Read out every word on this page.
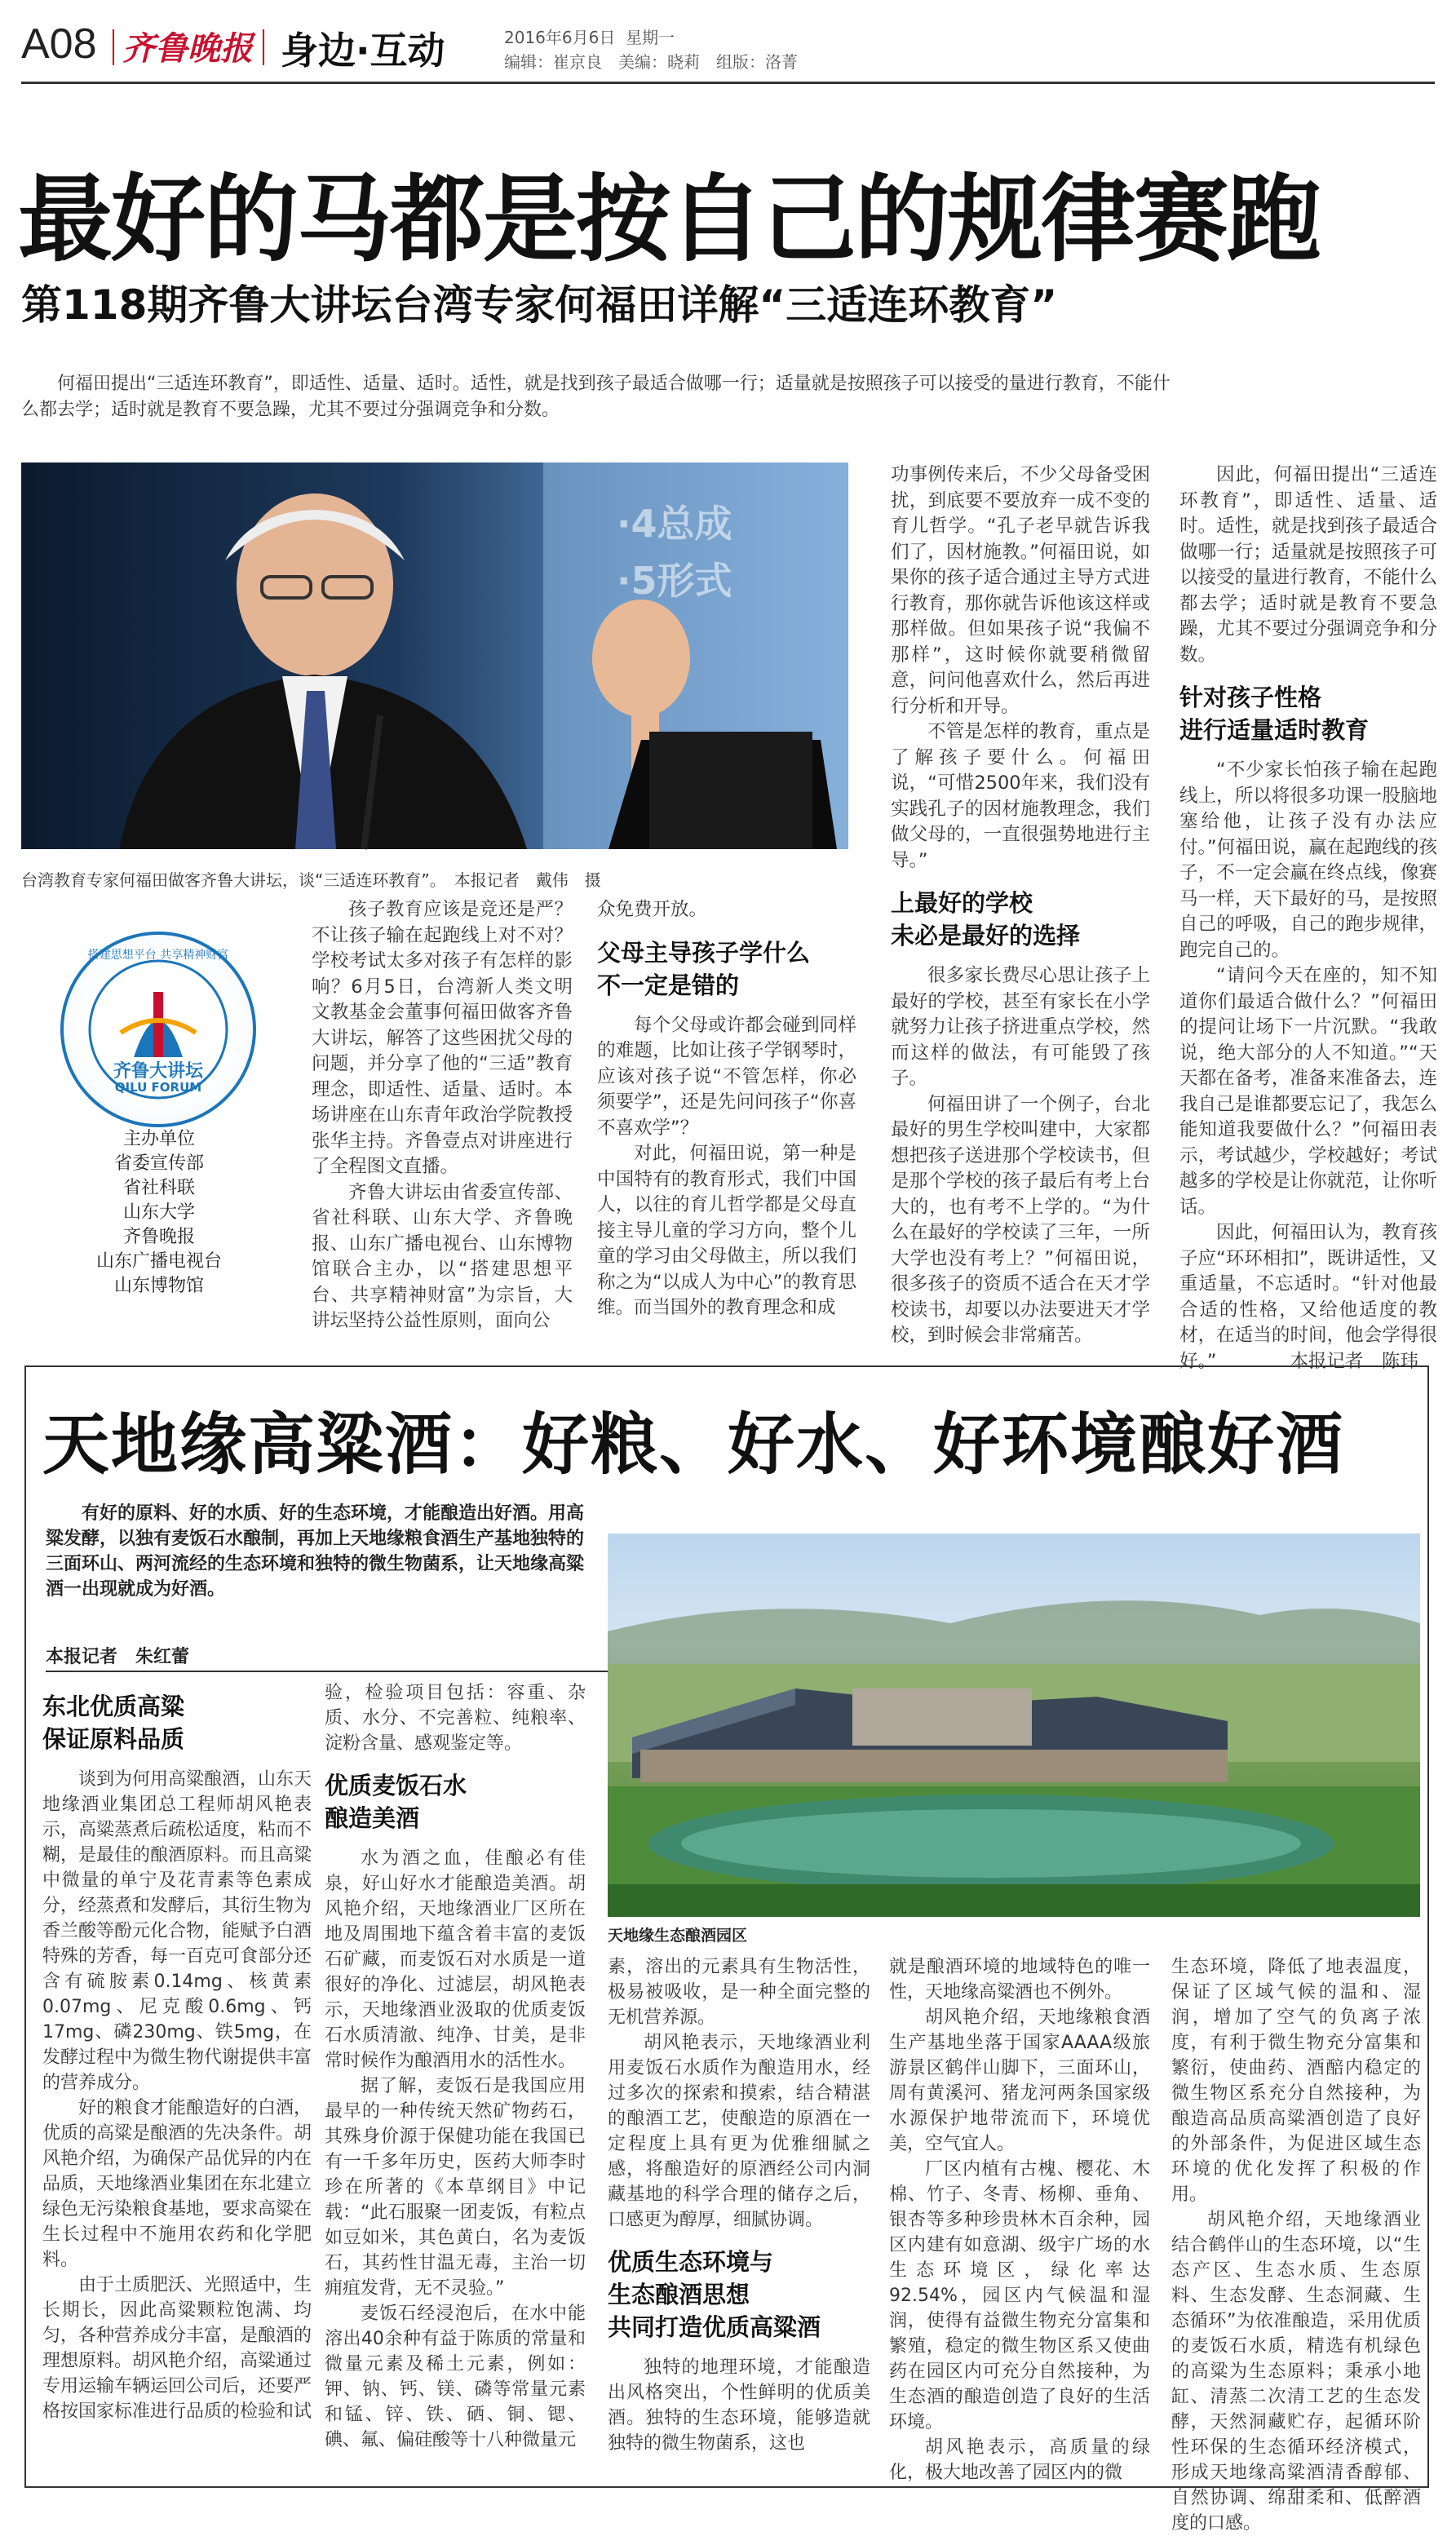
A08 齐鲁晚报 身边·互动	2016年6月6日 星期一
编辑：崔京良　美编：晓莉　组版：洛菁
最好的马都是按自己的规律赛跑
第118期齐鲁大讲坛台湾专家何福田详解“三适连环教育”
何福田提出“三适连环教育”，即适性、适量、适时。适性，就是找到孩子最适合做哪一行；适量就是按照孩子可以接受的量进行教育，不能什么都去学；适时就是教育不要急躁，尤其不要过分强调竞争和分数。
·4总成
·5形式
台湾教育专家何福田做客齐鲁大讲坛，谈“三适连环教育”。　本报记者　戴伟　摄
搭建思想平台 共享精神财富
齐鲁大讲坛
QILU FORUM
主办单位
省委宣传部
省社科联
山东大学
齐鲁晚报
山东广播电视台
山东博物馆

孩子教育应该是竞还是严？不让孩子输在起跑线上对不对？学校考试太多对孩子有怎样的影响？6月5日，台湾新人类文明文教基金会董事何福田做客齐鲁大讲坛，解答了这些困扰父母的问题，并分享了他的“三适”教育理念，即适性、适量、适时。本场讲座在山东青年政治学院教授张华主持。齐鲁壹点对讲座进行了全程图文直播。

齐鲁大讲坛由省委宣传部、省社科联、山东大学、齐鲁晚报、山东广播电视台、山东博物馆联合主办，以“搭建思想平台、共享精神财富”为宗旨，大讲坛坚持公益性原则，面向公

众免费开放。

父母主导孩子学什么
不一定是错的

每个父母或许都会碰到同样的难题，比如让孩子学钢琴时，应该对孩子说“不管怎样，你必须要学”，还是先问问孩子“你喜不喜欢学”？

对此，何福田说，第一种是中国特有的教育形式，我们中国人，以往的育儿哲学都是父母直接主导儿童的学习方向，整个儿童的学习由父母做主，所以我们称之为“以成人为中心”的教育思维。而当国外的教育理念和成

功事例传来后，不少父母备受困扰，到底要不要放弃一成不变的育儿哲学。“孔子老早就告诉我们了，因材施教。”何福田说，如果你的孩子适合通过主导方式进行教育，那你就告诉他该这样或那样做。但如果孩子说“我偏不那样”，这时候你就要稍微留意，问问他喜欢什么，然后再进行分析和开导。

不管是怎样的教育，重点是了解孩子要什么。何福田说，“可惜2500年来，我们没有实践孔子的因材施教理念，我们做父母的，一直很强势地进行主导。”

上最好的学校
未必是最好的选择

很多家长费尽心思让孩子上最好的学校，甚至有家长在小学就努力让孩子挤进重点学校，然而这样的做法，有可能毁了孩子。

何福田讲了一个例子，台北最好的男生学校叫建中，大家都想把孩子送进那个学校读书，但是那个学校的孩子最后有考上台大的，也有考不上学的。“为什么在最好的学校读了三年，一所大学也没有考上？”何福田说，很多孩子的资质不适合在天才学校读书，却要以办法要进天才学校，到时候会非常痛苦。

因此，何福田提出“三适连环教育”，即适性、适量、适时。适性，就是找到孩子最适合做哪一行；适量就是按照孩子可以接受的量进行教育，不能什么都去学；适时就是教育不要急躁，尤其不要过分强调竞争和分数。

针对孩子性格
进行适量适时教育

“不少家长怕孩子输在起跑线上，所以将很多功课一股脑地塞给他，让孩子没有办法应付。”何福田说，赢在起跑线的孩子，不一定会赢在终点线，像赛马一样，天下最好的马，是按照自己的呼吸，自己的跑步规律，跑完自己的。

“请问今天在座的，知不知道你们最适合做什么？”何福田的提问让场下一片沉默。“我敢说，绝大部分的人不知道。”“天天都在备考，准备来准备去，连我自己是谁都要忘记了，我怎么能知道我要做什么？”何福田表示，考试越少，学校越好；考试越多的学校是让你就范，让你听话。

因此，何福田认为，教育孩子应“环环相扣”，既讲适性，又重适量，不忘适时。“针对他最合适的性格，又给他适度的教材，在适当的时间，他会学得很好。”　　　　本报记者　陈玮

天地缘高粱酒：好粮、好水、好环境酿好酒
有好的原料、好的水质、好的生态环境，才能酿造出好酒。用高粱发酵，以独有麦饭石水酿制，再加上天地缘粮食酒生产基地独特的三面环山、两河流经的生态环境和独特的微生物菌系，让天地缘高粱酒一出现就成为好酒。
本报记者　朱红蕾
天地缘生态酿酒园区
东北优质高粱
保证原料品质

谈到为何用高粱酿酒，山东天地缘酒业集团总工程师胡风艳表示，高粱蒸煮后疏松适度，粘而不糊，是最佳的酿酒原料。而且高粱中微量的单宁及花青素等色素成分，经蒸煮和发酵后，其衍生物为香兰酸等酚元化合物，能赋予白酒特殊的芳香，每一百克可食部分还含有硫胺素0.14mg、核黄素0.07mg、尼克酸0.6mg、钙17mg、磷230mg、铁5mg，在发酵过程中为微生物代谢提供丰富的营养成分。

好的粮食才能酿造好的白酒，优质的高粱是酿酒的先决条件。胡风艳介绍，为确保产品优异的内在品质，天地缘酒业集团在东北建立绿色无污染粮食基地，要求高粱在生长过程中不施用农药和化学肥料。

由于土质肥沃、光照适中，生长期长，因此高粱颗粒饱满、均匀，各种营养成分丰富，是酿酒的理想原料。胡风艳介绍，高粱通过专用运输车辆运回公司后，还要严格按国家标准进行品质的检验和试

验，检验项目包括：容重、杂质、水分、不完善粒、纯粮率、淀粉含量、感观鉴定等。

优质麦饭石水
酿造美酒

水为酒之血，佳酿必有佳泉，好山好水才能酿造美酒。胡风艳介绍，天地缘酒业厂区所在地及周围地下蕴含着丰富的麦饭石矿藏，而麦饭石对水质是一道很好的净化、过滤层，胡风艳表示，天地缘酒业汲取的优质麦饭石水质清澈、纯净、甘美，是非常时候作为酿酒用水的活性水。

据了解，麦饭石是我国应用最早的一种传统天然矿物药石，其殊身价源于保健功能在我国已有一千多年历史，医药大师李时珍在所著的《本草纲目》中记载：“此石服聚一团麦饭，有粒点如豆如米，其色黄白，名为麦饭石，其药性甘温无毒，主治一切痈疽发背，无不灵验。”

麦饭石经浸泡后，在水中能溶出40余种有益于陈质的常量和微量元素及稀土元素，例如：钾、钠、钙、镁、磷等常量元素和锰、锌、铁、硒、铜、锶、碘、氟、偏硅酸等十八种微量元

素，溶出的元素具有生物活性，极易被吸收，是一种全面完整的无机营养源。

胡风艳表示，天地缘酒业利用麦饭石水质作为酿造用水，经过多次的探索和摸索，结合精湛的酿酒工艺，使酿造的原酒在一定程度上具有更为优雅细腻之感，将酿造好的原酒经公司内洞藏基地的科学合理的储存之后，口感更为醇厚，细腻协调。

优质生态环境与
生态酿酒思想
共同打造优质高粱酒

独特的地理环境，才能酿造出风格突出，个性鲜明的优质美酒。独特的生态环境，能够造就独特的微生物菌系，这也

就是酿酒环境的地域特色的唯一性，天地缘高粱酒也不例外。

胡风艳介绍，天地缘粮食酒生产基地坐落于国家AAAA级旅游景区鹤伴山脚下，三面环山，周有黄溪河、猪龙河两条国家级水源保护地带流而下，环境优美，空气宜人。

厂区内植有古槐、樱花、木棉、竹子、冬青、杨柳、垂角、银杏等多种珍贵林木百余种，园区内建有如意湖、级宇广场的水生态环境区，绿化率达92.54%，园区内气候温和湿润，使得有益微生物充分富集和繁殖，稳定的微生物区系又使曲药在园区内可充分自然接种，为生态酒的酿造创造了良好的生活环境。

胡风艳表示，高质量的绿化，极大地改善了园区内的微

生态环境，降低了地表温度，保证了区域气候的温和、湿润，增加了空气的负离子浓度，有利于微生物充分富集和繁衍，使曲药、酒醅内稳定的微生物区系充分自然接种，为酿造高品质高粱酒创造了良好的外部条件，为促进区域生态环境的优化发挥了积极的作用。

胡风艳介绍，天地缘酒业结合鹤伴山的生态环境，以“生态产区、生态水质、生态原料、生态发酵、生态洞藏、生态循环”为依准酿造，采用优质的麦饭石水质，精选有机绿色的高粱为生态原料；秉承小地缸、清蒸二次清工艺的生态发酵，天然洞藏贮存，起循环阶性环保的生态循环经济模式，形成天地缘高粱酒清香醇郁、自然协调、绵甜柔和、低醉酒度的口感。
